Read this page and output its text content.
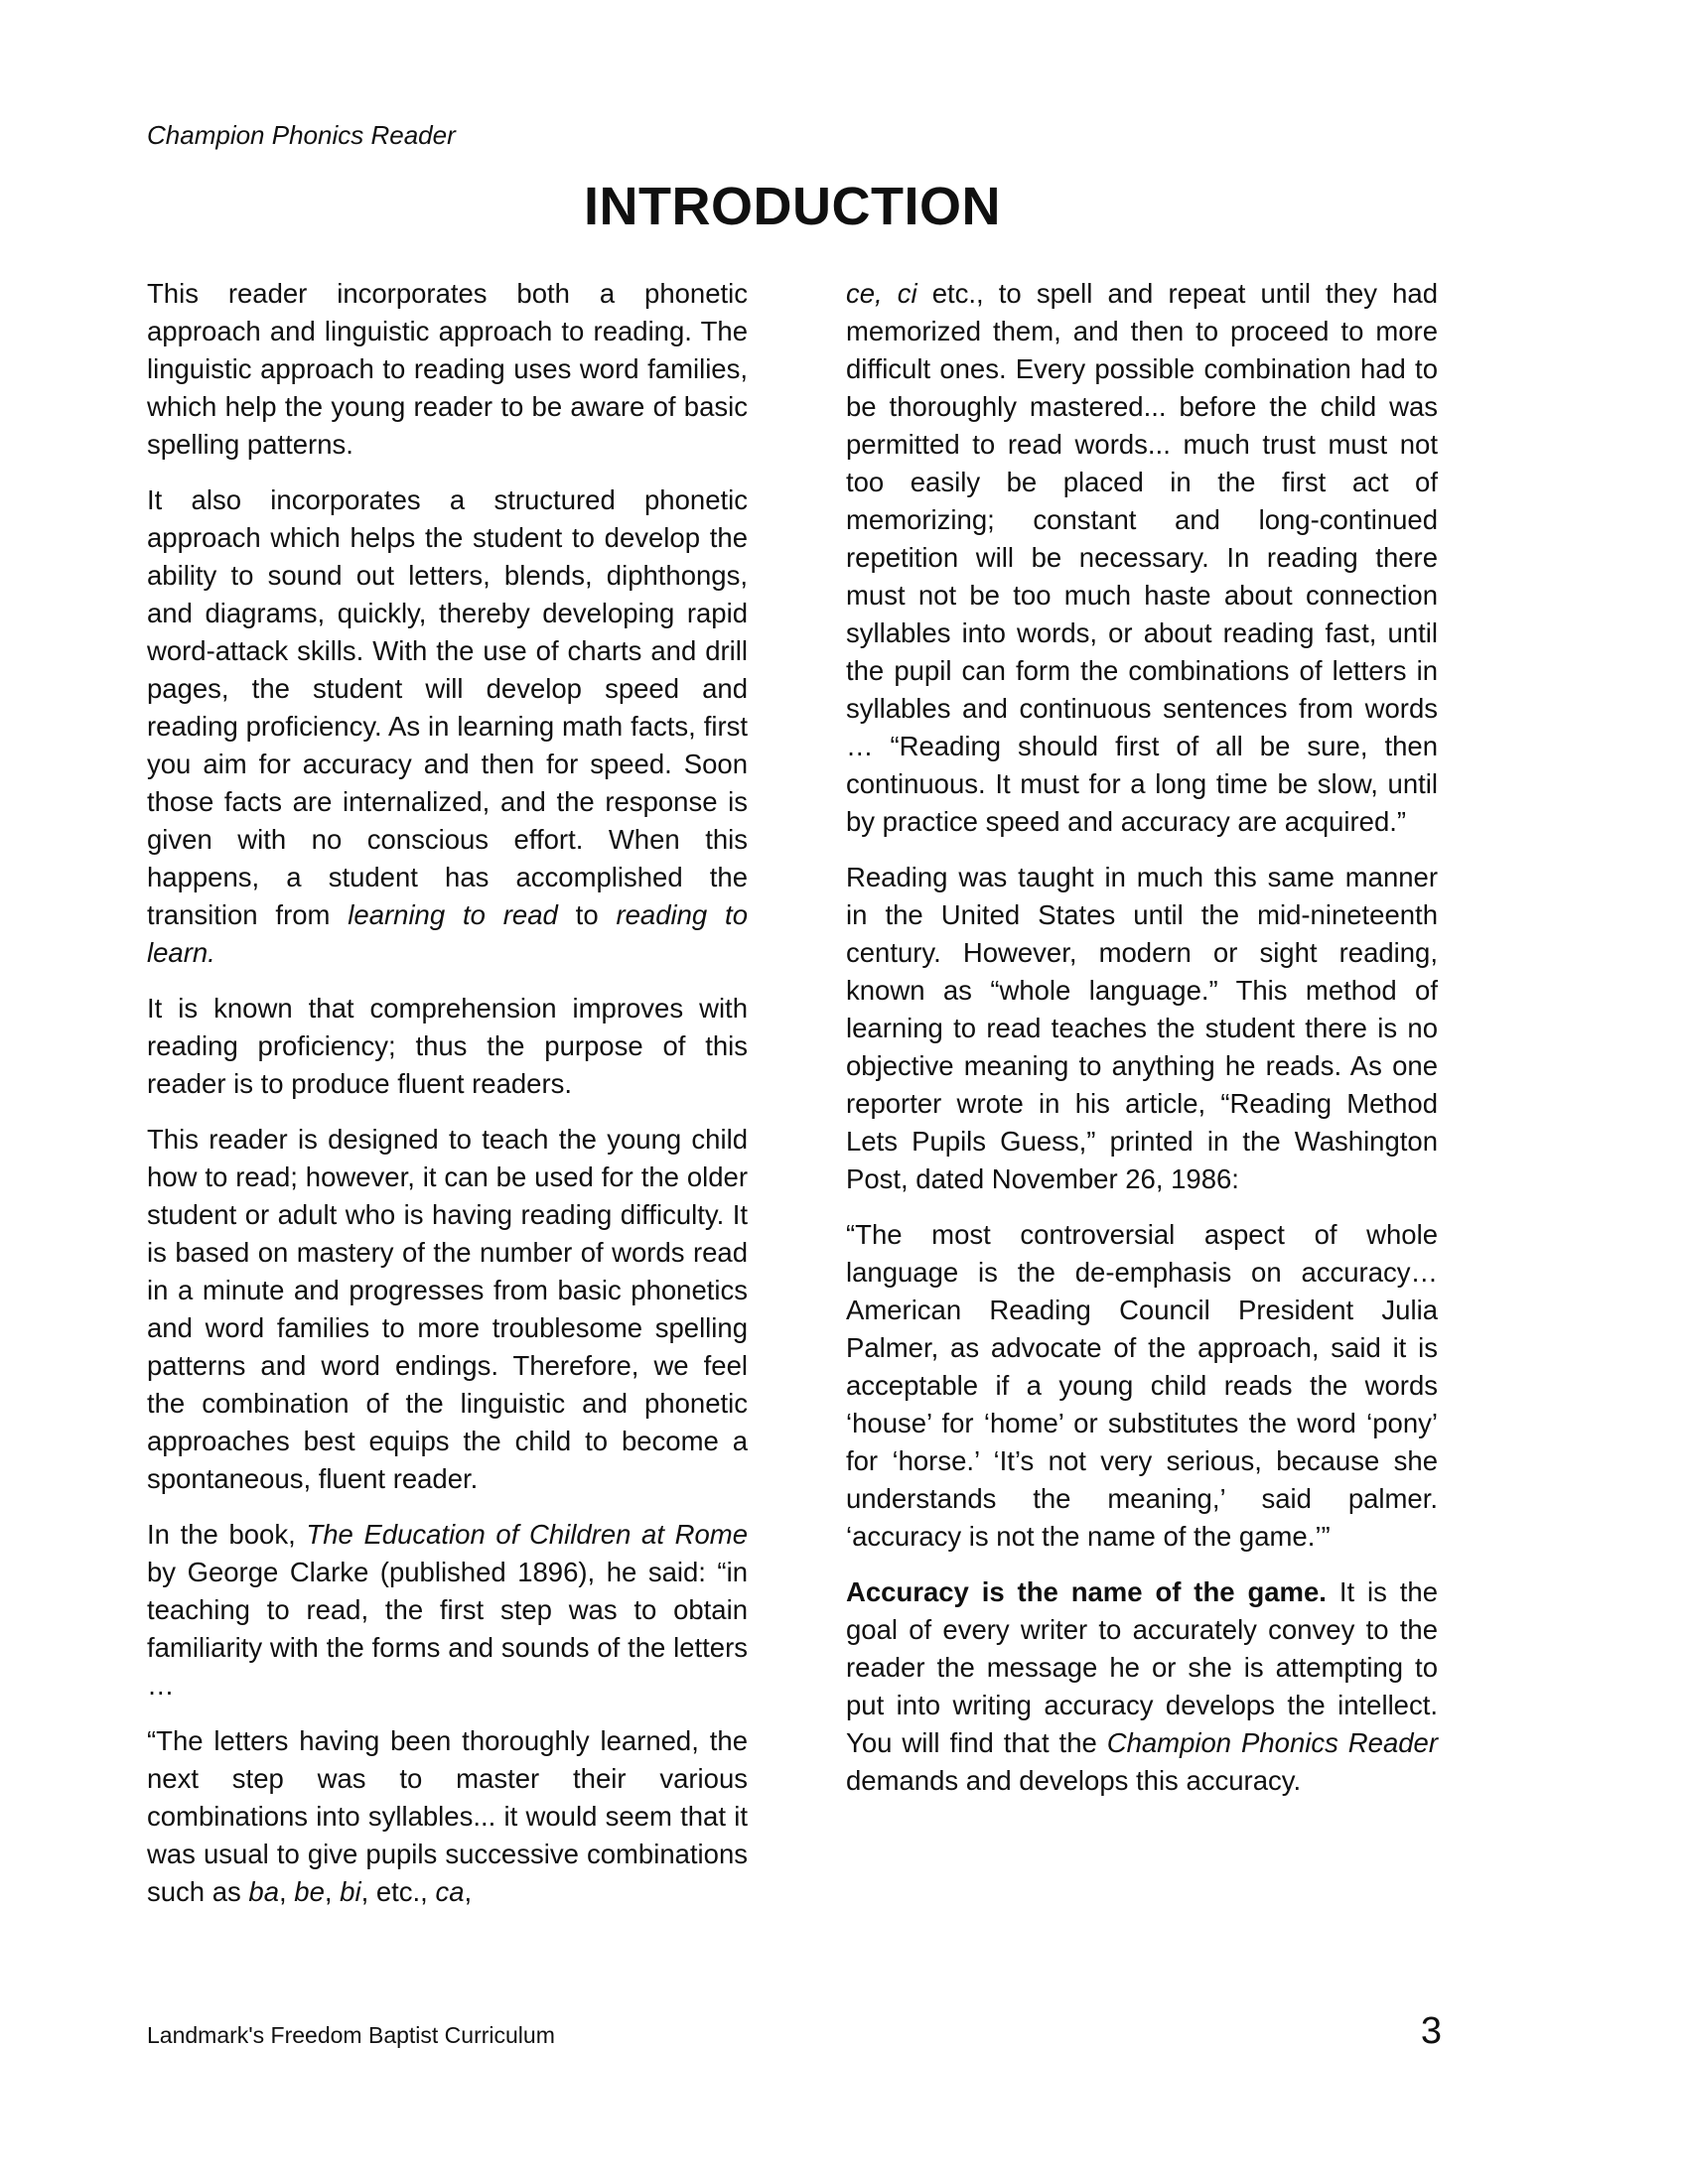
Champion Phonics Reader
INTRODUCTION

This reader incorporates both a phonetic approach and linguistic approach to reading. The linguistic approach to reading uses word families, which help the young reader to be aware of basic spelling patterns.

It also incorporates a structured phonetic approach which helps the student to develop the ability to sound out letters, blends, diphthongs, and diagrams, quickly, thereby developing rapid word-attack skills. With the use of charts and drill pages, the student will develop speed and reading proficiency. As in learning math facts, first you aim for accuracy and then for speed. Soon those facts are internalized, and the response is given with no conscious effort. When this happens, a student has accomplished the transition from learning to read to reading to learn.

It is known that comprehension improves with reading proficiency; thus the purpose of this reader is to produce fluent readers.

This reader is designed to teach the young child how to read; however, it can be used for the older student or adult who is having reading difficulty. It is based on mastery of the number of words read in a minute and progresses from basic phonetics and word families to more troublesome spelling patterns and word endings. Therefore, we feel the combination of the linguistic and phonetic approaches best equips the child to become a spontaneous, fluent reader.

In the book, The Education of Children at Rome by George Clarke (published 1896), he said: “in teaching to read, the first step was to obtain familiarity with the forms and sounds of the letters …

“The letters having been thoroughly learned, the next step was to master their various combinations into syllables... it would seem that it was usual to give pupils successive combinations such as ba, be, bi, etc., ca,

ce, ci etc., to spell and repeat until they had memorized them, and then to proceed to more difficult ones. Every possible combination had to be thoroughly mastered... before the child was permitted to read words... much trust must not too easily be placed in the first act of memorizing; constant and long-continued repetition will be necessary. In reading there must not be too much haste about connection syllables into words, or about reading fast, until the pupil can form the combinations of letters in syllables and continuous sentences from words … “Reading should first of all be sure, then continuous. It must for a long time be slow, until by practice speed and accuracy are acquired.”

Reading was taught in much this same manner in the United States until the mid-nineteenth century. However, modern or sight reading, known as “whole language.” This method of learning to read teaches the student there is no objective meaning to anything he reads. As one reporter wrote in his article, “Reading Method Lets Pupils Guess,” printed in the Washington Post, dated November 26, 1986:

“The most controversial aspect of whole language is the de-emphasis on accuracy… American Reading Council President Julia Palmer, as advocate of the approach, said it is acceptable if a young child reads the words ‘house’ for ‘home’ or substitutes the word ‘pony’ for ‘horse.’ ‘It’s not very serious, because she understands the meaning,’ said palmer. ‘accuracy is not the name of the game.’”

Accuracy is the name of the game. It is the goal of every writer to accurately convey to the reader the message he or she is attempting to put into writing accuracy develops the intellect. You will find that the Champion Phonics Reader demands and develops this accuracy.

Landmark's Freedom Baptist Curriculum	3
